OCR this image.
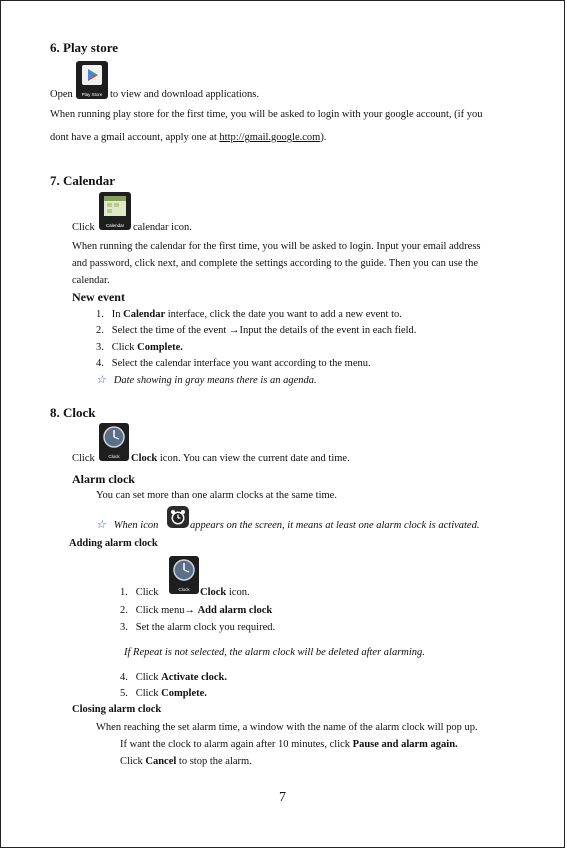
6. Play store
Open	Play Store to view and download applications.
When running play store for the first time, you will be asked to login with your google account, (if you
dont have a gmail account, apply one at http://gmail.google.com).
7. Calendar
Click	Calendar calendar icon.
When running the calendar for the first time, you will be asked to login. Input your email address
and password, click next, and complete the settings according to the guide. Then you can use the
calendar.
New event
1. In Calendar interface, click the date you want to add a new event to.
2. Select the time of the event →Input the details of the event in each field.
3. Click Complete.
4. Select the calendar interface you want according to the menu.
☆ Date showing in gray means there is an agenda.
8. Clock
Click	Clock	Clock icon. You can view the current date and time.
Alarm clock
You can set more than one alarm clocks at the same time.
☆ When icon	appears on the screen, it means at least one alarm clock is activated.
Adding alarm clock
1. Click	Clock Clock icon.
2. Click menu→ Add alarm clock
3. Set the alarm clock you required.
If Repeat is not selected, the alarm clock will be deleted after alarming.
4. Click Activate clock.
5. Click Complete.
Closing alarm clock
When reaching the set alarm time, a window with the name of the alarm clock will pop up.
If want the clock to alarm again after 10 minutes, click Pause and alarm again.
Click Cancel to stop the alarm.
7
